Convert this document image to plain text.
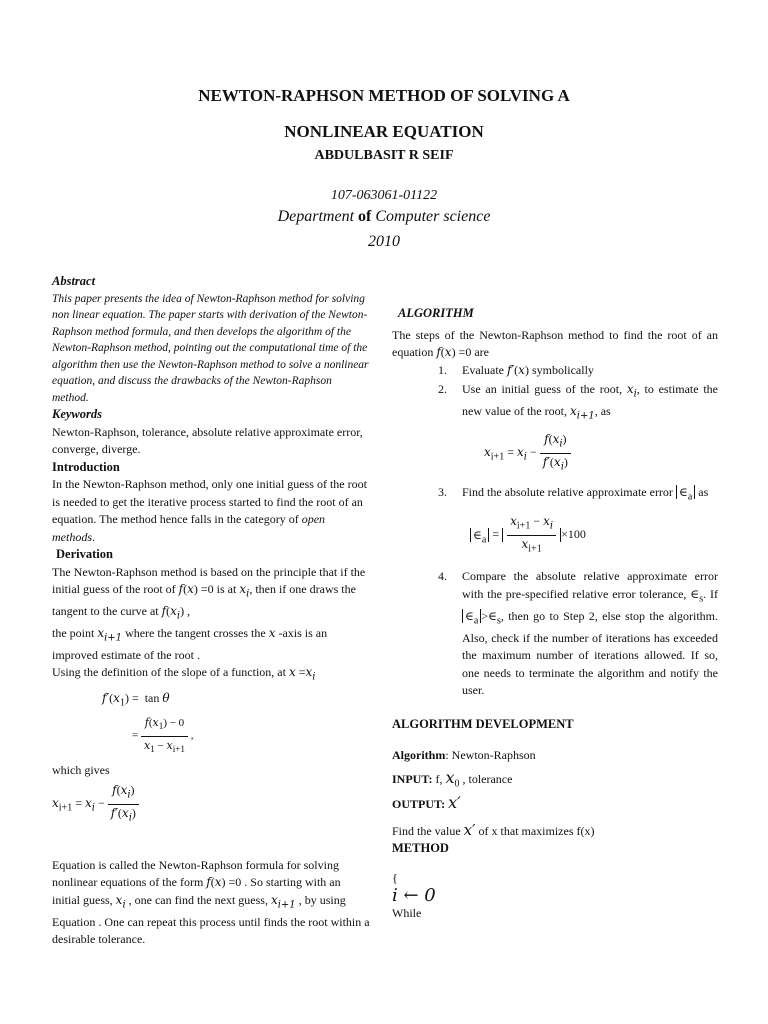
NEWTON-RAPHSON METHOD OF SOLVING A
NONLINEAR EQUATION
ABDULBASIT R SEIF
107-063061-01122
Department of Computer science
2010
Abstract
This paper presents the idea of Newton-Raphson method for solving non linear equation. The paper starts with derivation of the Newton-Raphson method formula, and then develops the algorithm of the Newton-Raphson method, pointing out the computational time of the algorithm then use the Newton-Raphson method to solve a nonlinear equation, and discuss the drawbacks of the Newton-Raphson method.
Keywords
Newton-Raphson, tolerance, absolute relative approximate error, converge, diverge.
Introduction
In the Newton-Raphson method, only one initial guess of the root is needed to get the iterative process started to find the root of an equation. The method hence falls in the category of open methods.
Derivation
The Newton-Raphson method is based on the principle that if the initial guess of the root of f(x) =0 is at $x_i$, then if one draws the tangent to the curve at $f(x_i)$ ,
the point $x_{i+1}$ where the tangent crosses the x -axis is an improved estimate of the root .
Using the definition of the slope of a function, at $x =x_i$
$f'(x_1) = \tan \theta$
= $\frac{f(x_1) - 0}{x_1 - x_{i+1}}$ ,
which gives
$x_{i+1} = x_i - \frac{f(x_i)}{f'(x_i)}$
Equation is called the Newton-Raphson formula for solving nonlinear equations of the form f(x) =0 . So starting with an initial guess, $x_i$ , one can find the next guess, $x_{i+1}$ , by using Equation . One can repeat this process until finds the root within a desirable tolerance.
ALGORITHM
The steps of the Newton-Raphson method to find the root of an equation f(x) =0 are
1. Evaluate f′(x) symbolically
2. Use an initial guess of the root, $x_i$, to estimate the new value of the root, $x_{i+1}$, as
$x_{i+1} = x_i - \frac{f(x_i)}{f'(x_i)}$
3. Find the absolute relative approximate error $\in_a$ as
$\in_a = \frac{x_{i+1} - x_i}{x_{i+1}} \times 100$
4. Compare the absolute relative approximate error with the pre-specified relative error tolerance, $\in_s$. If $\in_a$ $>\in_s$, then go to Step 2, else stop the algorithm. Also, check if the number of iterations has exceeded the maximum number of iterations allowed. If so, one needs to terminate the algorithm and notify the user.
ALGORITHM DEVELOPMENT
Algorithm: Newton-Raphson
INPUT: f, $x_0$ , tolerance
OUTPUT: x′
Find the value x′ of x that maximizes f(x)
METHOD
{
i ← 0
While
